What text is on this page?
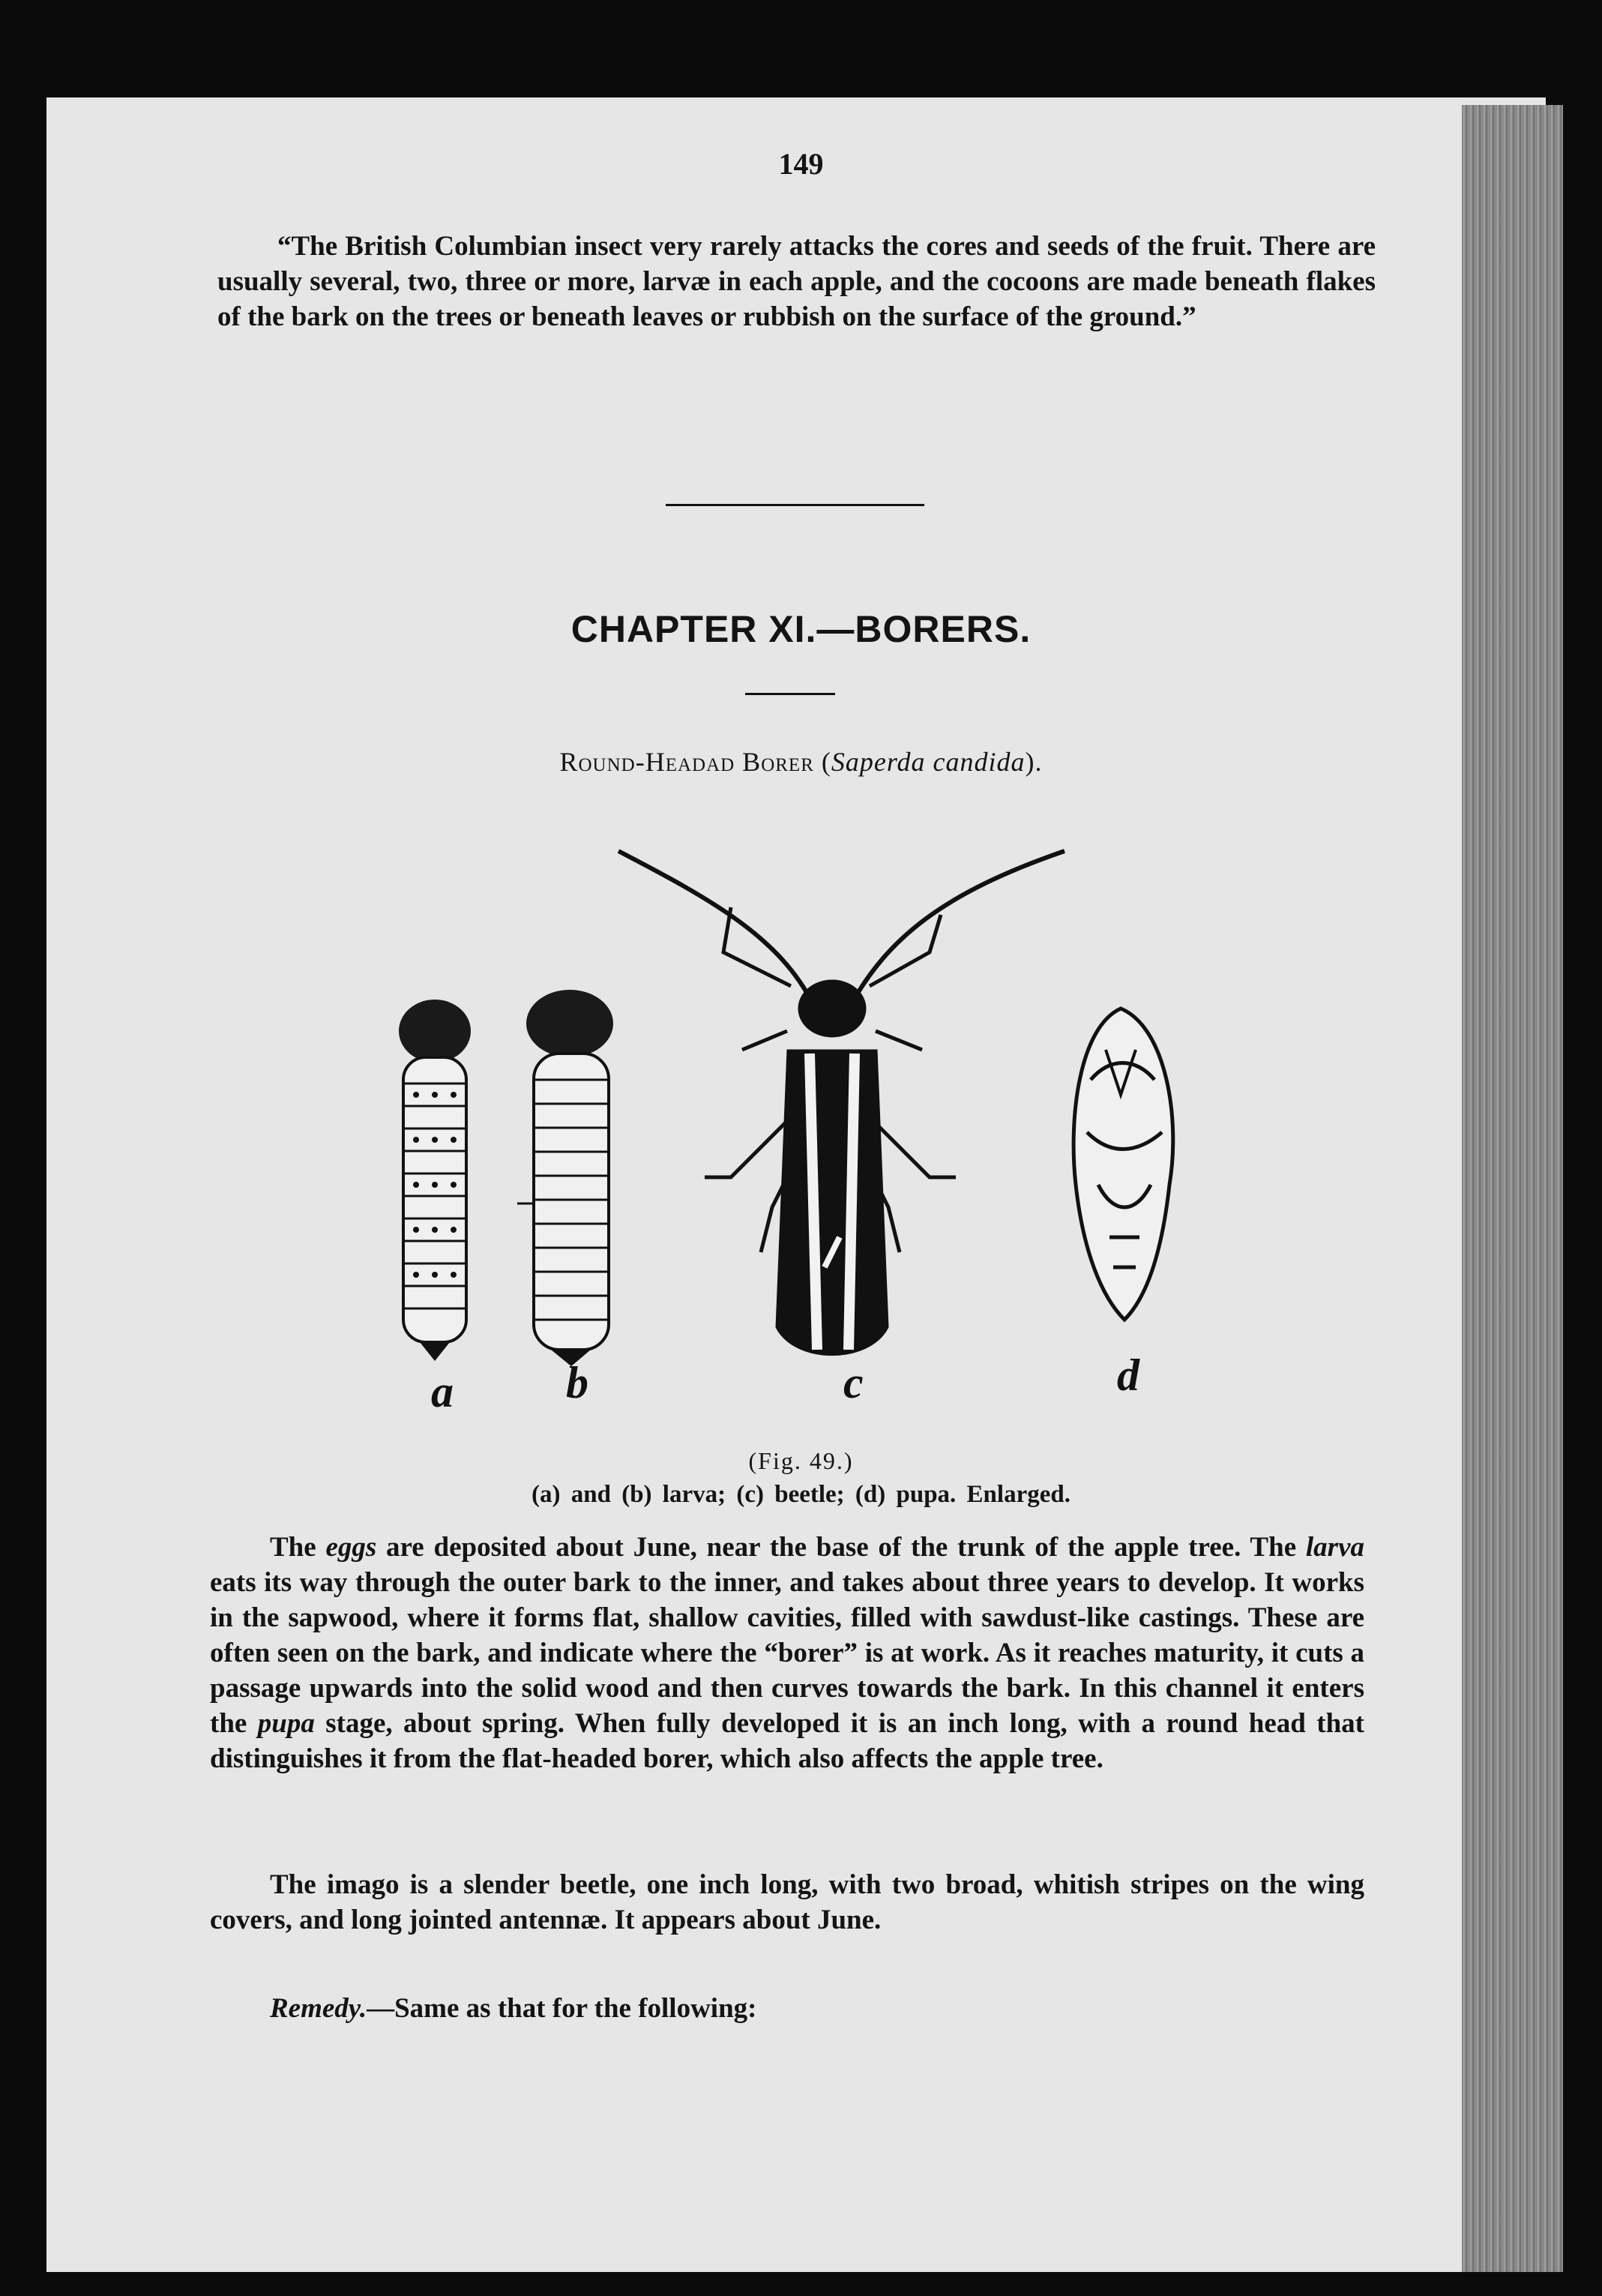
149
“The British Columbian insect very rarely attacks the cores and seeds of the fruit. There are usually several, two, three or more, larvæ in each apple, and the cocoons are made beneath flakes of the bark on the trees or beneath leaves or rubbish on the surface of the ground.”
CHAPTER XI.—BORERS.
Round-Headad Borer (Saperda candida).
a	b	c	d
(Fig. 49.)
(a) and (b) larva; (c) beetle; (d) pupa. Enlarged.
The eggs are deposited about June, near the base of the trunk of the apple tree. The larva eats its way through the outer bark to the inner, and takes about three years to develop. It works in the sapwood, where it forms flat, shallow cavities, filled with sawdust-like castings. These are often seen on the bark, and indicate where the “borer” is at work. As it reaches maturity, it cuts a passage upwards into the solid wood and then curves towards the bark. In this channel it enters the pupa stage, about spring. When fully developed it is an inch long, with a round head that distinguishes it from the flat-headed borer, which also affects the apple tree.
The imago is a slender beetle, one inch long, with two broad, whitish stripes on the wing covers, and long jointed antennæ. It appears about June.
Remedy.—Same as that for the following:
